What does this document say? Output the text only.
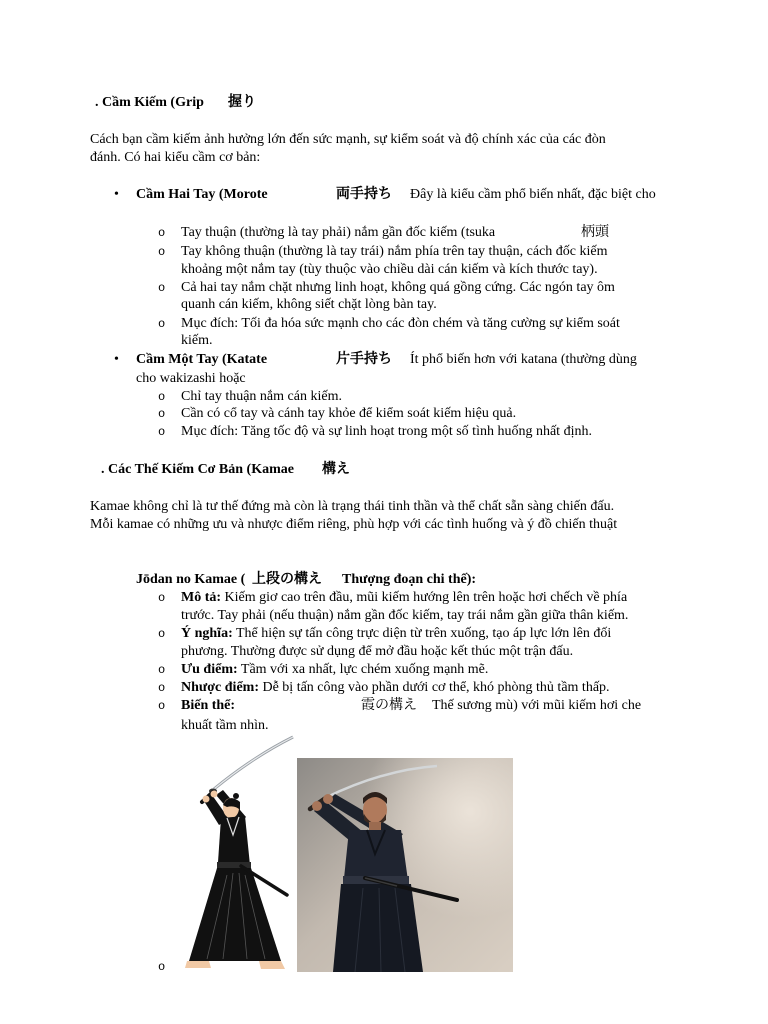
. Cầm Kiếm (Grip 握り
Cách bạn cầm kiếm ảnh hưởng lớn đến sức mạnh, sự kiểm soát và độ chính xác của các đòn
đánh. Có hai kiểu cầm cơ bản:
•
Cầm Hai Tay (Morote	両手持ち Đây là kiểu cầm phổ biến nhất, đặc biệt cho
o
Tay thuận (thường là tay phải) nắm gần đốc kiếm (tsuka	柄頭
o
Tay không thuận (thường là tay trái) nắm phía trên tay thuận, cách đốc kiếm
khoảng một nắm tay (tùy thuộc vào chiều dài cán kiếm và kích thước tay).
o
Cả hai tay nắm chặt nhưng linh hoạt, không quá gồng cứng. Các ngón tay ôm
quanh cán kiếm, không siết chặt lòng bàn tay.
o
Mục đích: Tối đa hóa sức mạnh cho các đòn chém và tăng cường sự kiểm soát
kiếm.
•
Cầm Một Tay (Katate	片手持ち Ít phổ biến hơn với katana (thường dùng
cho wakizashi hoặc
o
Chỉ tay thuận nắm cán kiếm.
o
Cần có cổ tay và cánh tay khỏe để kiểm soát kiếm hiệu quả.
o
Mục đích: Tăng tốc độ và sự linh hoạt trong một số tình huống nhất định.
. Các Thế Kiếm Cơ Bản (Kamae 構え
Kamae không chỉ là tư thế đứng mà còn là trạng thái tinh thần và thể chất sẵn sàng chiến đấu.
Mỗi kamae có những ưu và nhược điểm riêng, phù hợp với các tình huống và ý đồ chiến thuật
Jōdan no Kamae ( 上段の構え Thượng đoạn chi thế):
o
Mô tả: Kiếm giơ cao trên đầu, mũi kiếm hướng lên trên hoặc hơi chếch về phía
trước. Tay phải (nếu thuận) nắm gần đốc kiếm, tay trái nắm gần giữa thân kiếm.
o
Ý nghĩa: Thể hiện sự tấn công trực diện từ trên xuống, tạo áp lực lớn lên đối
phương. Thường được sử dụng để mở đầu hoặc kết thúc một trận đấu.
o
Ưu điểm: Tầm với xa nhất, lực chém xuống mạnh mẽ.
o
Nhược điểm: Dễ bị tấn công vào phần dưới cơ thể, khó phòng thủ tầm thấp.
o
Biến thể:	霞の構え Thế sương mù) với mũi kiếm hơi che
khuất tầm nhìn.
o
